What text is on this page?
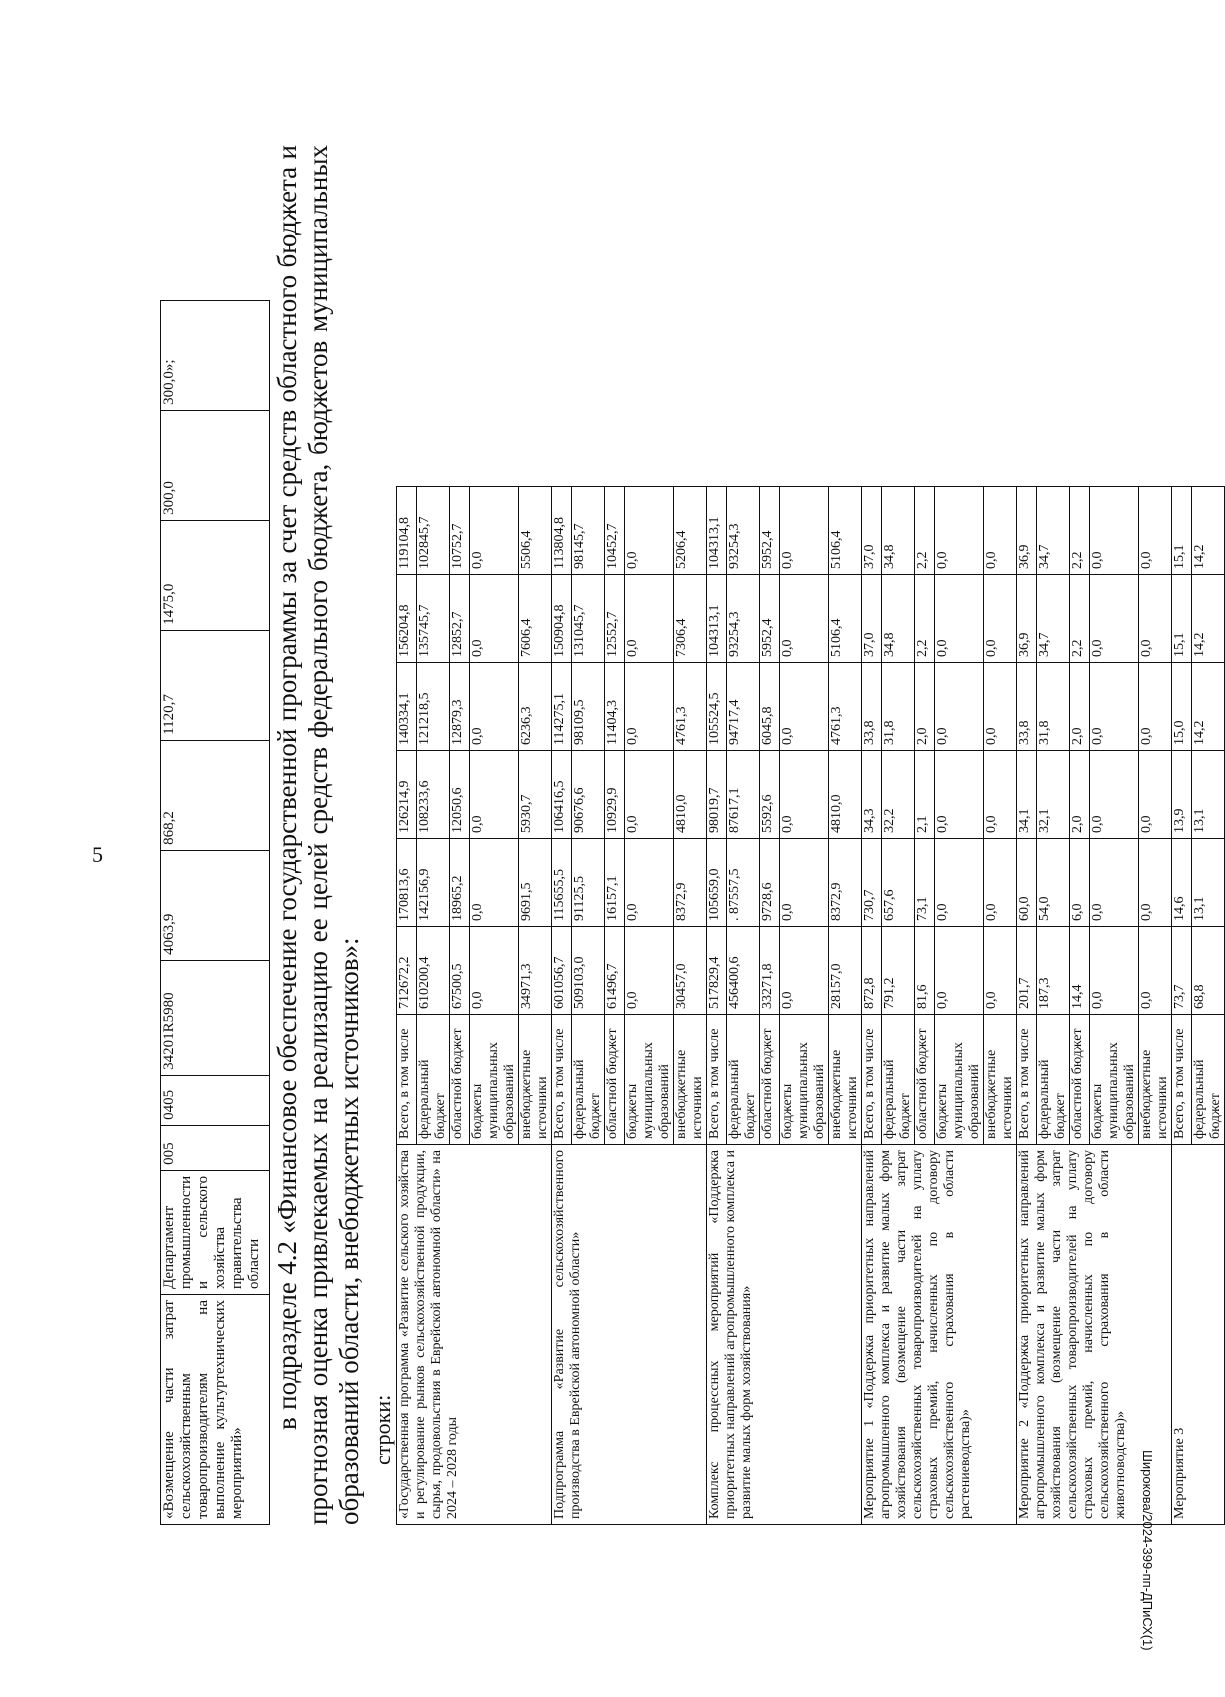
5
Широкова/2024-399-пп-ДПиСХ(1)
«Возмещение части затрат сельскохозяйственным товаропроизводителям на выполнение культуртехнических мероприятий»	Департамент промышленности и сельского хозяйства правительства области	005	0405	34201R5980	4063,9	868,2	1120,7	1475,0	300,0	300,0»;	в подразделе 4.2 «Финансовое обеспечение государственной программы за счет средств областного бюджета и прогнозная оценка привлекаемых на реализацию ее целей средств федерального бюджета, бюджетов муниципальных образований области, внебюджетных источников»: строки: «Государственная программа «Развитие сельского хозяйства и регулирование рынков сельскохозяйственной продукции, сырья, продовольствия в Еврейской автономной области» на 2024 – 2028 годы	Всего, в том числе	712672,2	170813,6	126214,9	140334,1	156204,8	119104,8
	федеральный бюджет	610200,4	142156,9	108233,6	121218,5	135745,7	102845,7
	областной бюджет	67500,5	18965,2	12050,6	12879,3	12852,7	10752,7
	бюджеты муниципальных образований	0,0	0,0	0,0	0,0	0,0	0,0
	внебюджетные источники	34971,3	9691,5	5930,7	6236,3	7606,4	5506,4
Подпрограмма «Развитие сельскохозяйственного производства в Еврейской автономной области»	Всего, в том числе	601056,7	115655,5	106416,5	114275,1	150904,8	113804,8
	федеральный бюджет	509103,0	91125,5	90676,6	98109,5	131045,7	98145,7
	областной бюджет	61496,7	16157,1	10929,9	11404,3	12552,7	10452,7
	бюджеты муниципальных образований	0,0	0,0	0,0	0,0	0,0	0,0
	внебюджетные источники	30457,0	8372,9	4810,0	4761,3	7306,4	5206,4
Комплекс процессных мероприятий «Поддержка приоритетных направлений агропромышленного комплекса и развитие малых форм хозяйствования»	Всего, в том числе	517829,4	105659,0	98019,7	105524,5	104313,1	104313,1
	федеральный бюджет	456400,6	. 87557,5	87617,1	94717,4	93254,3	93254,3
	областной бюджет	33271,8	9728,6	5592,6	6045,8	5952,4	5952,4
	бюджеты муниципальных образований	0,0	0,0	0,0	0,0	0,0	0,0
	внебюджетные источники	28157,0	8372,9	4810,0	4761,3	5106,4	5106,4
Мероприятие 1 «Поддержка приоритетных направлений агропромышленного комплекса и развитие малых форм хозяйствования (возмещение части затрат сельскохозяйственных товаропроизводителей на уплату страховых премий, начисленных по договору сельскохозяйственного страхования в области растениеводства)»	Всего, в том числе	872,8	730,7	34,3	33,8	37,0	37,0
	федеральный бюджет	791,2	657,6	32,2	31,8	34,8	34,8
	областной бюджет	81,6	73,1	2,1	2,0	2,2	2,2
	бюджеты муниципальных образований	0,0	0,0	0,0	0,0	0,0	0,0
	внебюджетные источники	0,0	0,0	0,0	0,0	0,0	0,0
Мероприятие 2 «Поддержка приоритетных направлений агропромышленного комплекса и развитие малых форм хозяйствования (возмещение части затрат сельскохозяйственных товаропроизводителей на уплату страховых премий, начисленных по договору сельскохозяйственного страхования в области животноводства)»	Всего, в том числе	201,7	60,0	34,1	33,8	36,9	36,9
	федеральный бюджет	187,3	54,0	32,1	31,8	34,7	34,7
	областной бюджет	14,4	6,0	2,0	2,0	2,2	2,2
	бюджеты муниципальных образований	0,0	0,0	0,0	0,0	0,0	0,0
	внебюджетные источники	0,0	0,0	0,0	0,0	0,0	0,0
Мероприятие 3	Всего, в том числе	73,7	14,6	13,9	15,0	15,1	15,1
	федеральный бюджет	68,8	13,1	13,1	14,2	14,2	14,2
